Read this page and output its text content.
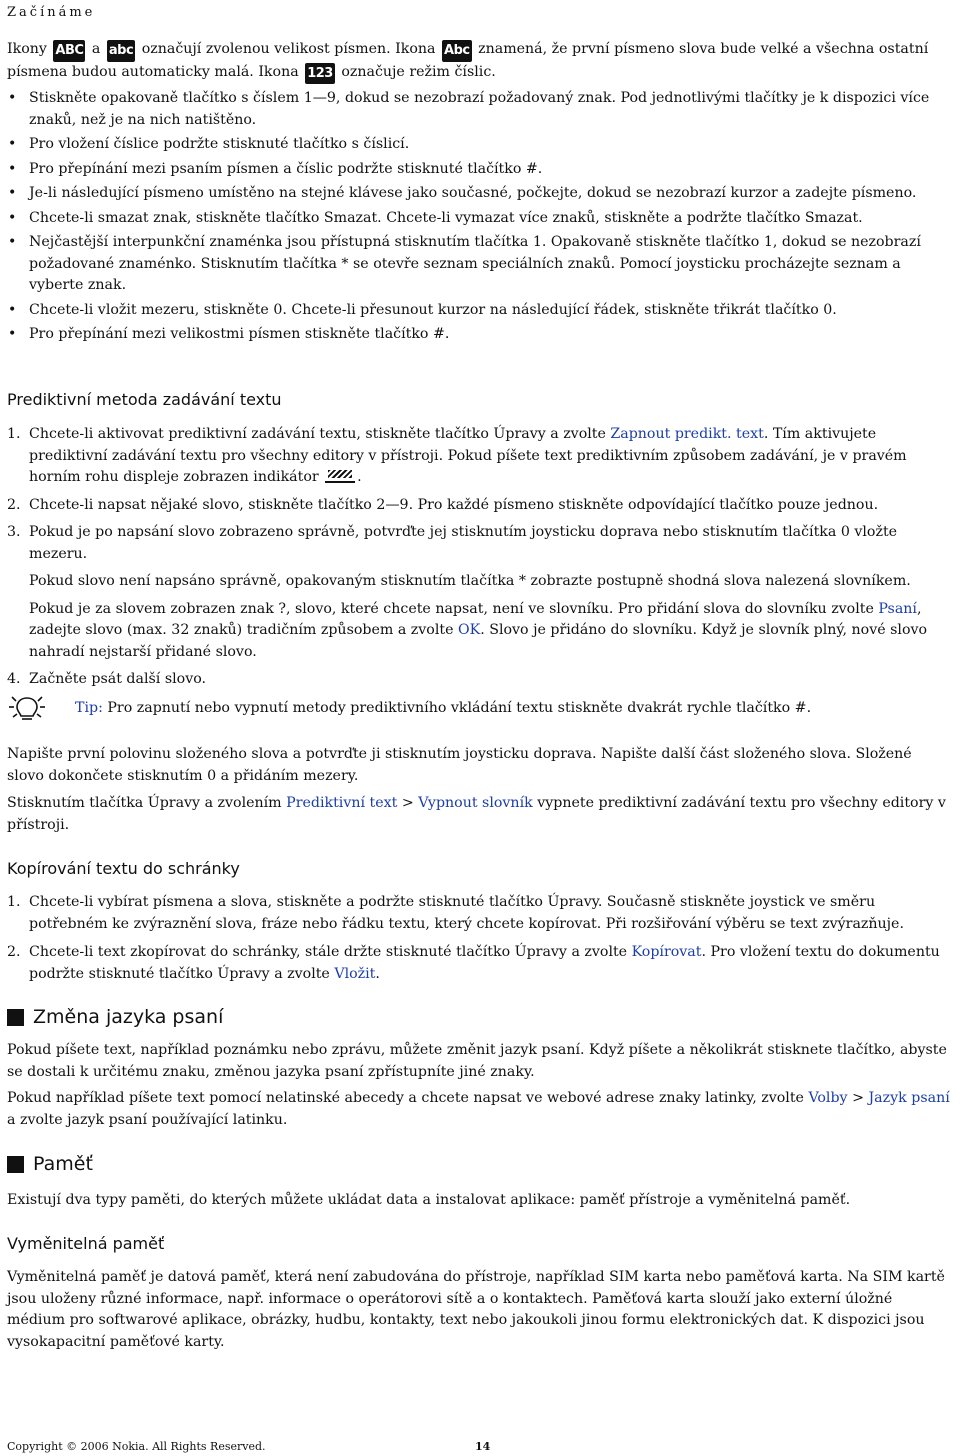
Začínáme

Ikony ABC a abc označují zvolenou velikost písmen. Ikona Abc znamená, že první písmeno slova bude velké a všechna ostatní písmena budou automaticky malá. Ikona 123 označuje režim číslic.

• Stiskněte opakovaně tlačítko s číslem 1—9, dokud se nezobrazí požadovaný znak. Pod jednotlivými tlačítky je k dispozici více znaků, než je na nich natištěno.
• Pro vložení číslice podržte stisknuté tlačítko s číslicí.
• Pro přepínání mezi psaním písmen a číslic podržte stisknuté tlačítko #.
• Je-li následující písmeno umístěno na stejné klávese jako současné, počkejte, dokud se nezobrazí kurzor a zadejte písmeno.
• Chcete-li smazat znak, stiskněte tlačítko Smazat. Chcete-li vymazat více znaků, stiskněte a podržte tlačítko Smazat.
• Nejčastější interpunkční znaménka jsou přístupná stisknutím tlačítka 1. Opakovaně stiskněte tlačítko 1, dokud se nezobrazí požadované znaménko. Stisknutím tlačítka * se otevře seznam speciálních znaků. Pomocí joysticku procházejte seznam a vyberte znak.
• Chcete-li vložit mezeru, stiskněte 0. Chcete-li přesunout kurzor na následující řádek, stiskněte třikrát tlačítko 0.
• Pro přepínání mezi velikostmi písmen stiskněte tlačítko #.
Prediktivní metoda zadávání textu
1. Chcete-li aktivovat prediktivní zadávání textu, stiskněte tlačítko Úpravy a zvolte Zapnout predikt. text. Tím aktivujete prediktivní zadávání textu pro všechny editory v přístroji. Pokud píšete text prediktivním způsobem zadávání, je v pravém horním rohu displeje zobrazen indikátor .
2. Chcete-li napsat nějaké slovo, stiskněte tlačítko 2—9. Pro každé písmeno stiskněte odpovídající tlačítko pouze jednou.
3. Pokud je po napsání slovo zobrazeno správně, potvrďte jej stisknutím joysticku doprava nebo stisknutím tlačítka 0 vložte mezeru.

Pokud slovo není napsáno správně, opakovaným stisknutím tlačítka * zobrazte postupně shodná slova nalezená slovníkem.

Pokud je za slovem zobrazen znak ?, slovo, které chcete napsat, není ve slovníku. Pro přidání slova do slovníku zvolte Psaní, zadejte slovo (max. 32 znaků) tradičním způsobem a zvolte OK. Slovo je přidáno do slovníku. Když je slovník plný, nové slovo nahradí nejstarší přidané slovo.

4. Začněte psát další slovo.

Tip: Pro zapnutí nebo vypnutí metody prediktivního vkládání textu stiskněte dvakrát rychle tlačítko #.

Napište první polovinu složeného slova a potvrďte ji stisknutím joysticku doprava. Napište další část složeného slova. Složené slovo dokončete stisknutím 0 a přidáním mezery.

Stisknutím tlačítka Úpravy a zvolením Prediktivní text > Vypnout slovník vypnete prediktivní zadávání textu pro všechny editory v přístroji.

Kopírování textu do schránky
1. Chcete-li vybírat písmena a slova, stiskněte a podržte stisknuté tlačítko Úpravy. Současně stiskněte joystick ve směru potřebném ke zvýraznění slova, fráze nebo řádku textu, který chcete kopírovat. Při rozšiřování výběru se text zvýrazňuje.
2. Chcete-li text zkopírovat do schránky, stále držte stisknuté tlačítko Úpravy a zvolte Kopírovat. Pro vložení textu do dokumentu podržte stisknuté tlačítko Úpravy a zvolte Vložit.
Změna jazyka psaní

Pokud píšete text, například poznámku nebo zprávu, můžete změnit jazyk psaní. Když píšete a několikrát stisknete tlačítko, abyste se dostali k určitému znaku, změnou jazyka psaní zpřístupníte jiné znaky.

Pokud například píšete text pomocí nelatinské abecedy a chcete napsat ve webové adrese znaky latinky, zvolte Volby > Jazyk psaní a zvolte jazyk psaní používající latinku.

Paměť

Existují dva typy paměti, do kterých můžete ukládat data a instalovat aplikace: paměť přístroje a vyměnitelná paměť.

Vyměnitelná paměť

Vyměnitelná paměť je datová paměť, která není zabudována do přístroje, například SIM karta nebo paměťová karta. Na SIM kartě jsou uloženy různé informace, např. informace o operátorovi sítě a o kontaktech. Paměťová karta slouží jako externí úložné médium pro softwarové aplikace, obrázky, hudbu, kontakty, text nebo jakoukoli jinou formu elektronických dat. K dispozici jsou vysokapacitní paměťové karty.

Copyright © 2006 Nokia. All Rights Reserved.	14
